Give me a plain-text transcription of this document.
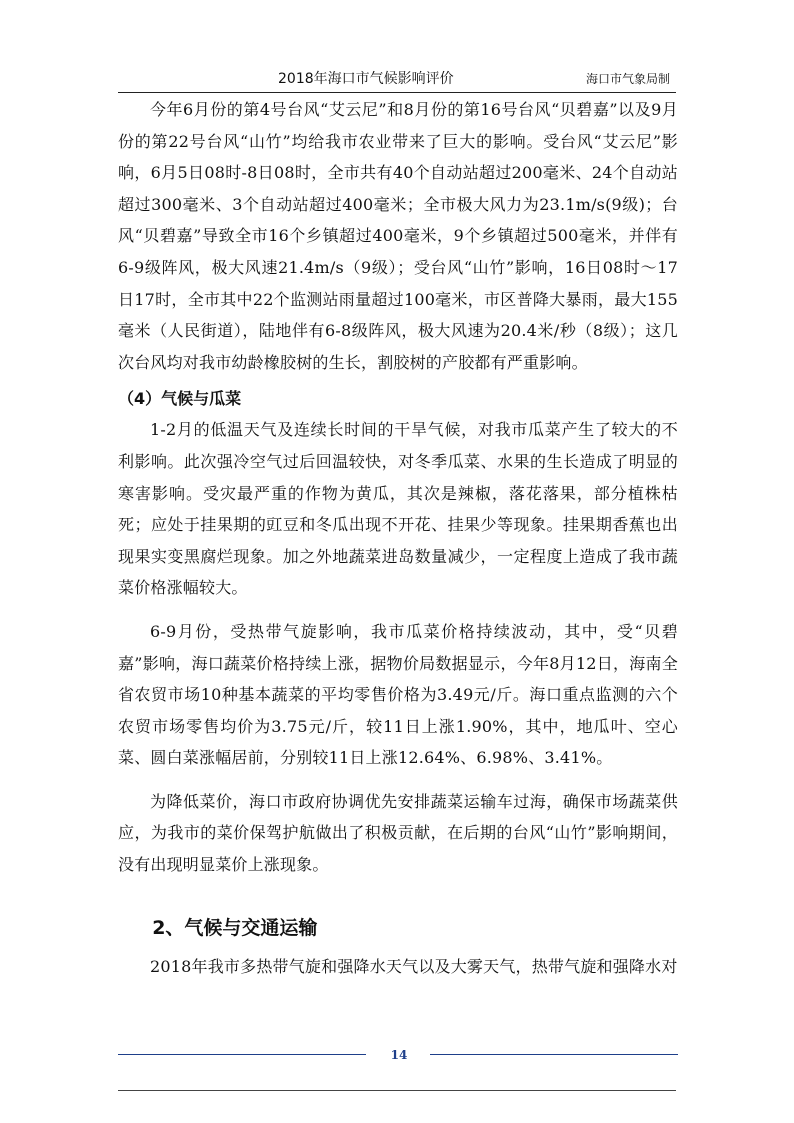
2018年海口市气候影响评价	海口市气象局制

今年6月份的第4号台风“艾云尼”和8月份的第16号台风“贝碧嘉”以及9月份的第22号台风“山竹”均给我市农业带来了巨大的影响。受台风“艾云尼”影响，6月5日08时-8日08时，全市共有40个自动站超过200毫米、24个自动站超过300毫米、3个自动站超过400毫米；全市极大风力为23.1m/s(9级)；台风“贝碧嘉”导致全市16个乡镇超过400毫米，9个乡镇超过500毫米，并伴有6-9级阵风，极大风速21.4m/s（9级）；受台风“山竹”影响，16日08时～17日17时，全市其中22个监测站雨量超过100毫米，市区普降大暴雨，最大155毫米（人民街道），陆地伴有6-8级阵风，极大风速为20.4米/秒（8级）；这几次台风均对我市幼龄橡胶树的生长，割胶树的产胶都有严重影响。

（4）气候与瓜菜

1-2月的低温天气及连续长时间的干旱气候，对我市瓜菜产生了较大的不利影响。此次强冷空气过后回温较快，对冬季瓜菜、水果的生长造成了明显的寒害影响。受灾最严重的作物为黄瓜，其次是辣椒，落花落果，部分植株枯死；应处于挂果期的豇豆和冬瓜出现不开花、挂果少等现象。挂果期香蕉也出现果实变黑腐烂现象。加之外地蔬菜进岛数量减少，一定程度上造成了我市蔬菜价格涨幅较大。

6-9月份，受热带气旋影响，我市瓜菜价格持续波动，其中，受“贝碧嘉”影响，海口蔬菜价格持续上涨，据物价局数据显示，今年8月12日，海南全省农贸市场10种基本蔬菜的平均零售价格为3.49元/斤。海口重点监测的六个农贸市场零售均价为3.75元/斤，较11日上涨1.90%，其中，地瓜叶、空心菜、圆白菜涨幅居前，分别较11日上涨12.64%、6.98%、3.41%。

为降低菜价，海口市政府协调优先安排蔬菜运输车过海，确保市场蔬菜供应，为我市的菜价保驾护航做出了积极贡献，在后期的台风“山竹”影响期间，没有出现明显菜价上涨现象。

2、气候与交通运输

2018年我市多热带气旋和强降水天气以及大雾天气，热带气旋和强降水对

14
